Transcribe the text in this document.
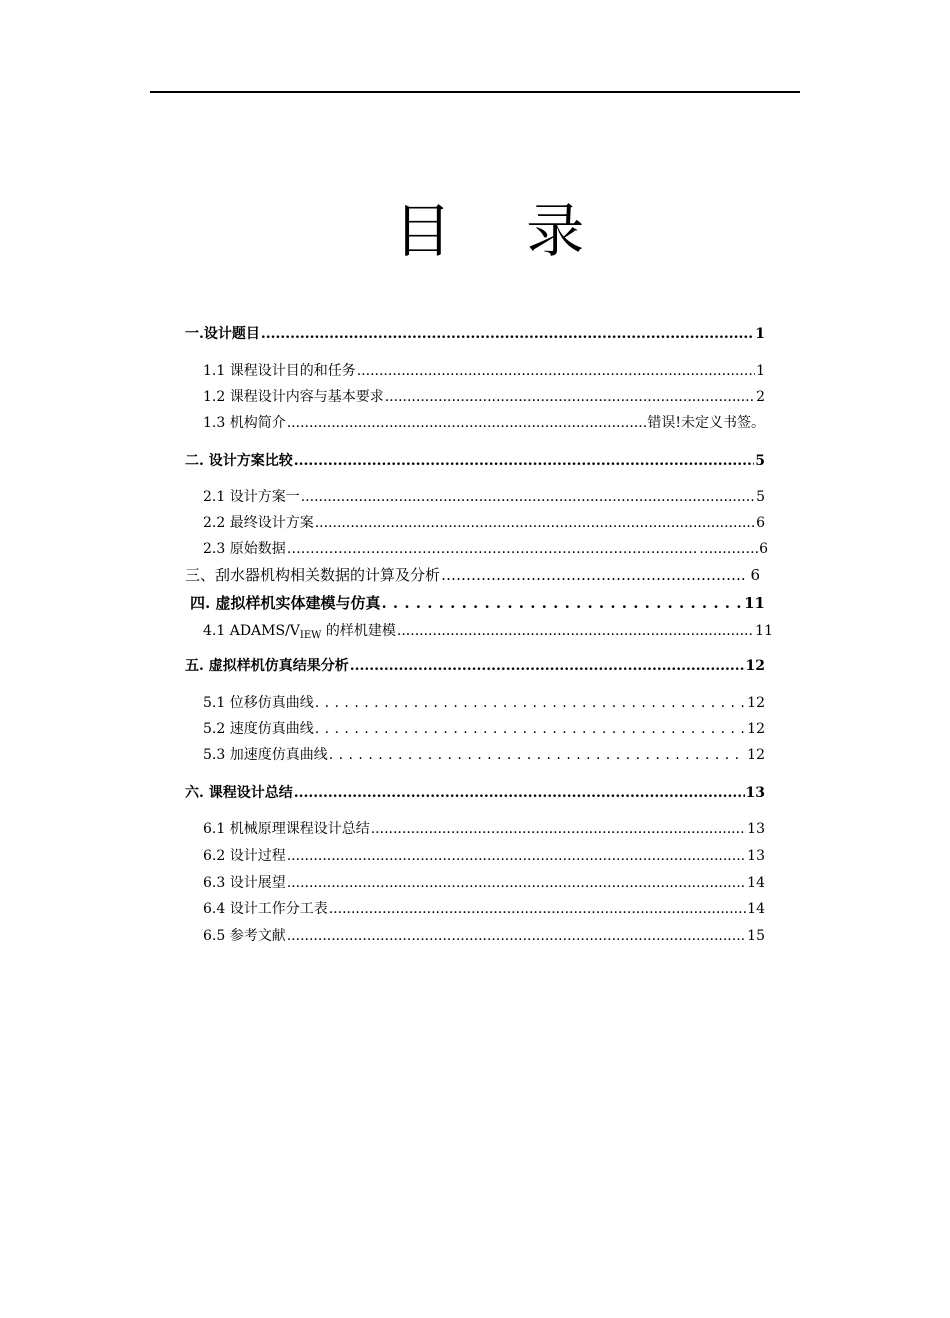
目 录
一.设计题目 .....	1
1.1 课程设计目的和任务 .....	1
1.2 课程设计内容与基本要求 .....	2
1.3 机构简介 .....	错误!未定义书签。
二. 设计方案比较 .....	5
2.1 设计方案一 .....	5
2.2 最终设计方案 .....	6
2.3 原始数据 ……………………………………………………………………………………………………………………………………	…..……..6
三、刮水器机构相关数据的计算及分析 ……………………………………………………………………………………………………………………………………	. 6
四. 虚拟样机实体建模与仿真 . . .	11
4.1 ADAMS/$V_{IEW}$ 的样机建模 .....	11
五. 虚拟样机仿真结果分析 .....	12
5.1 位移仿真曲线 . . .	12
5.2 速度仿真曲线 . . .	12
5.3 加速度仿真曲线 . . .	12
六. 课程设计总结 .....	13
6.1 机械原理课程设计总结 .....	13
6.2 设计过程 .....	13
6.3 设计展望 .....	14
6.4 设计工作分工表 .....	14
6.5 参考文献 .....	15
